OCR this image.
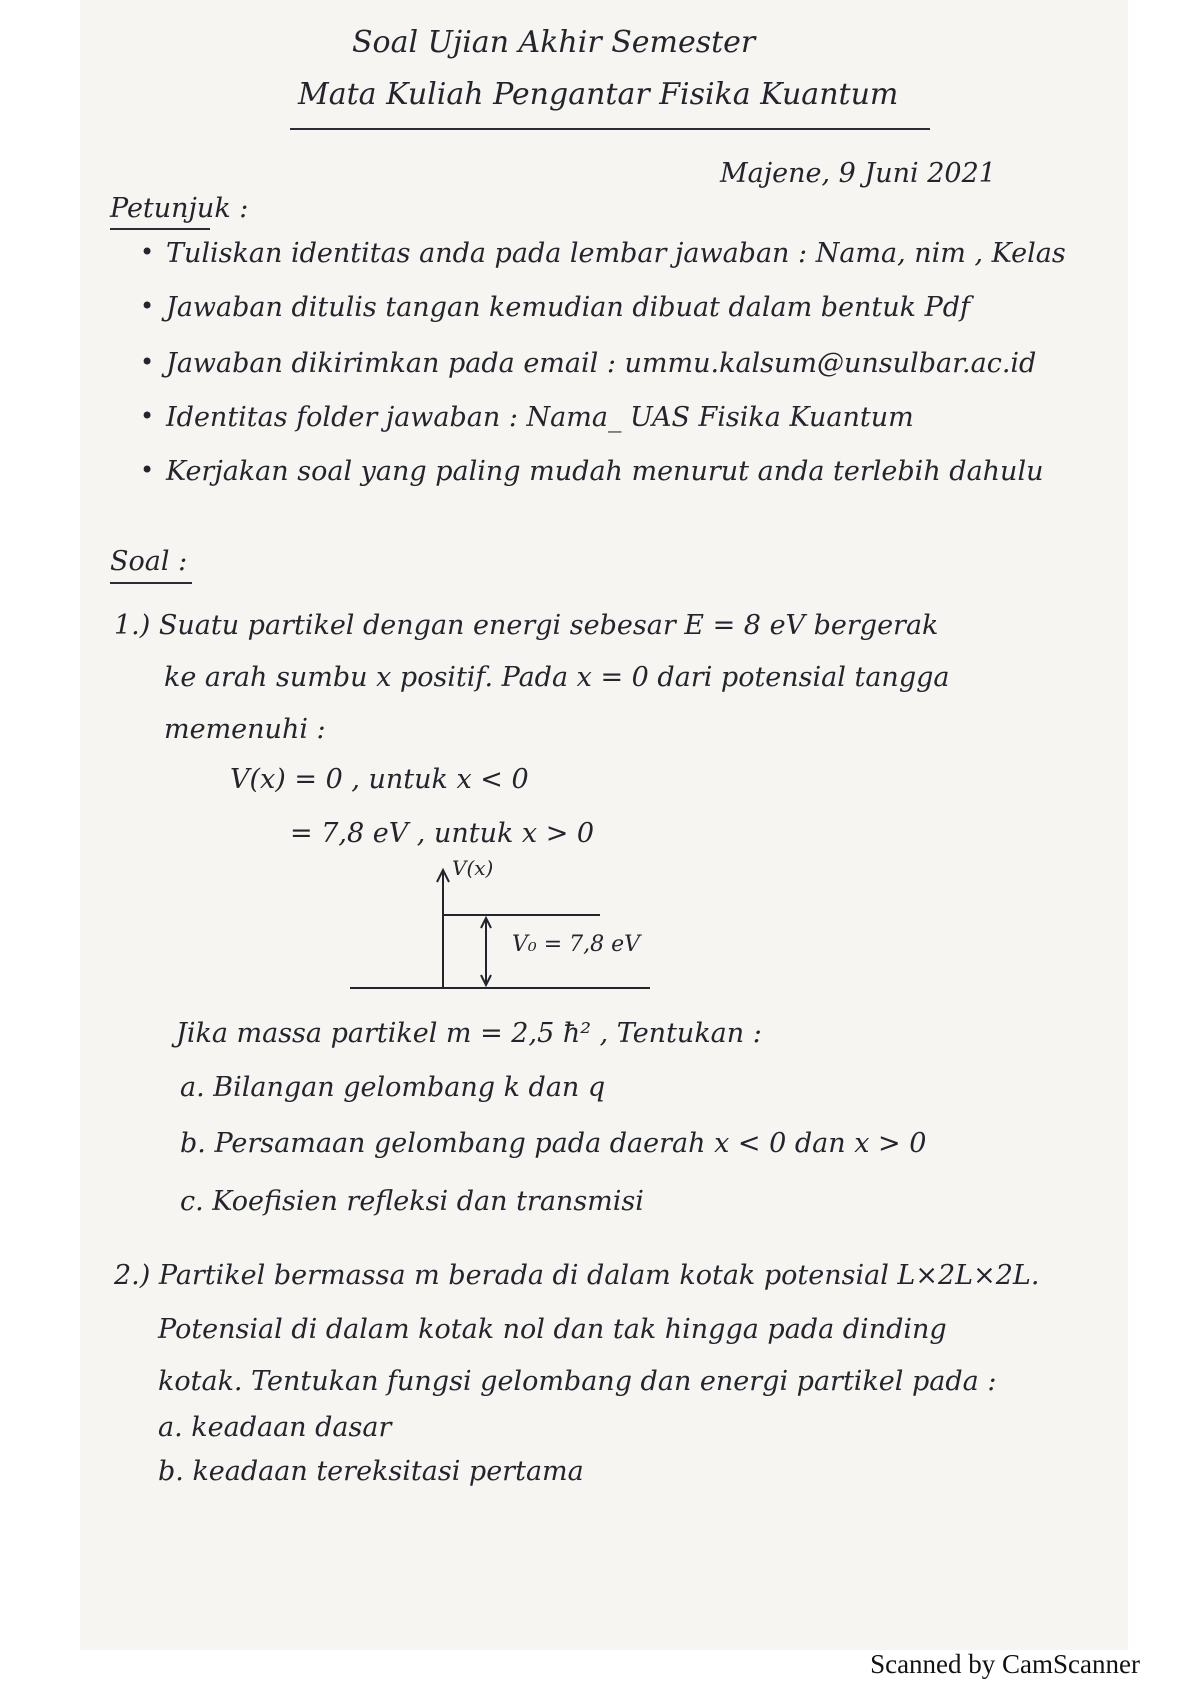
Soal Ujian Akhir Semester

Mata Kuliah Pengantar Fisika Kuantum

Majene, 9 Juni 2021

Petunjuk :

• Tuliskan identitas anda pada lembar jawaban : Nama, nim , Kelas

• Jawaban ditulis tangan kemudian dibuat dalam bentuk Pdf

• Jawaban dikirimkan pada email : ummu.kalsum@unsulbar.ac.id

• Identitas folder jawaban : Nama_ UAS Fisika Kuantum

• Kerjakan soal yang paling mudah menurut anda terlebih dahulu

Soal :

1.) Suatu partikel dengan energi sebesar E = 8 eV bergerak

ke arah sumbu x positif. Pada x = 0 dari potensial tangga

memenuhi :

V(x) = 0 , untuk x < 0

= 7,8 eV , untuk x > 0

V(x)

V₀ = 7,8 eV

Jika massa partikel m = 2,5 ħ² , Tentukan :

a. Bilangan gelombang k dan q

b. Persamaan gelombang pada daerah x < 0 dan x > 0

c. Koefisien refleksi dan transmisi

2.) Partikel bermassa m berada di dalam kotak potensial L×2L×2L.

Potensial di dalam kotak nol dan tak hingga pada dinding

kotak. Tentukan fungsi gelombang dan energi partikel pada :

a. keadaan dasar

b. keadaan tereksitasi pertama

Scanned by CamScanner
